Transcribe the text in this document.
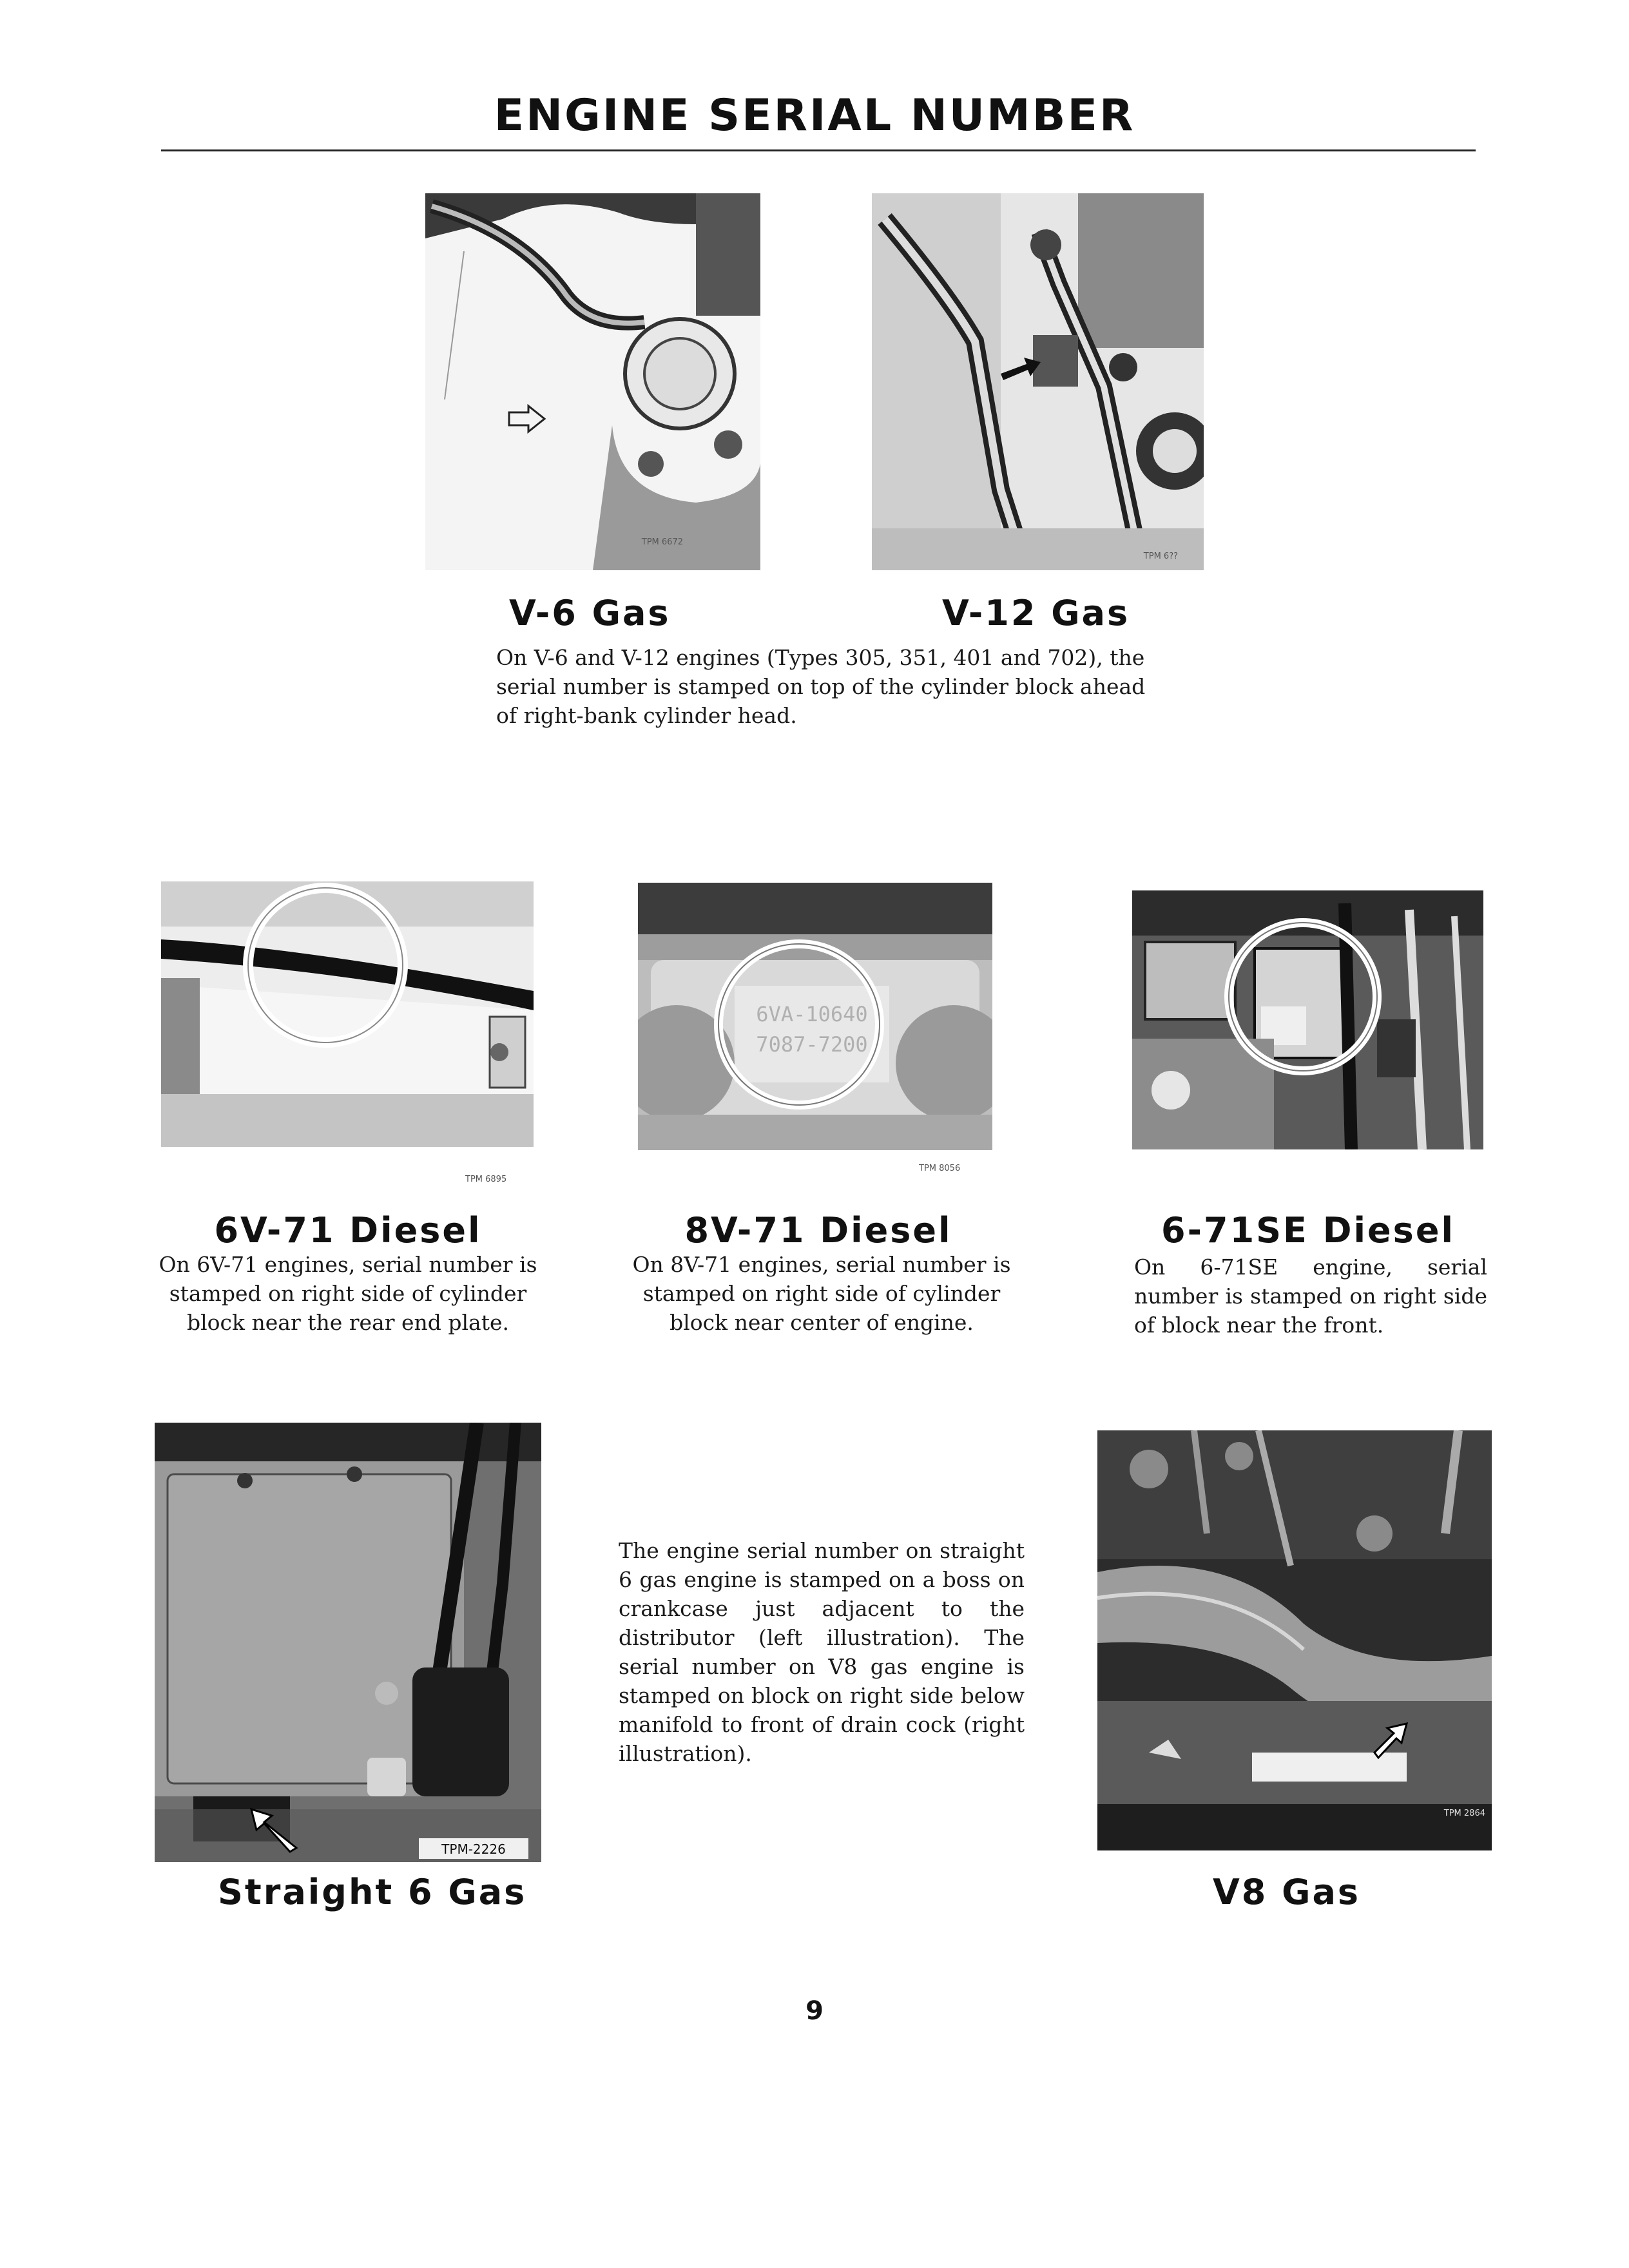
ENGINE SERIAL NUMBER
TPM 6672
TPM 6??
V-6 Gas	V-12 Gas
On V-6 and V-12 engines (Types 305, 351, 401 and 702), the serial number is stamped on top of the cylinder block ahead of right-bank cylinder head.
TPM 6895
6VA-10640
7087-7200
TPM 8056
6V-71 Diesel
On 6V-71 engines, serial number is stamped on right side of cylinder block near the rear end plate.
8V-71 Diesel
On 8V-71 engines, serial number is stamped on right side of cylinder block near center of engine.
6-71SE Diesel
On 6-71SE engine, serial number is stamped on right side of block near the front.
TPM-2226
TPM 2864
The engine serial number on straight 6 gas engine is stamped on a boss on crankcase just adjacent to the distributor (left illustration). The serial number on V8 gas engine is stamped on block on right side below manifold to front of drain cock (right illustration).
Straight 6 Gas	V8 Gas
9
